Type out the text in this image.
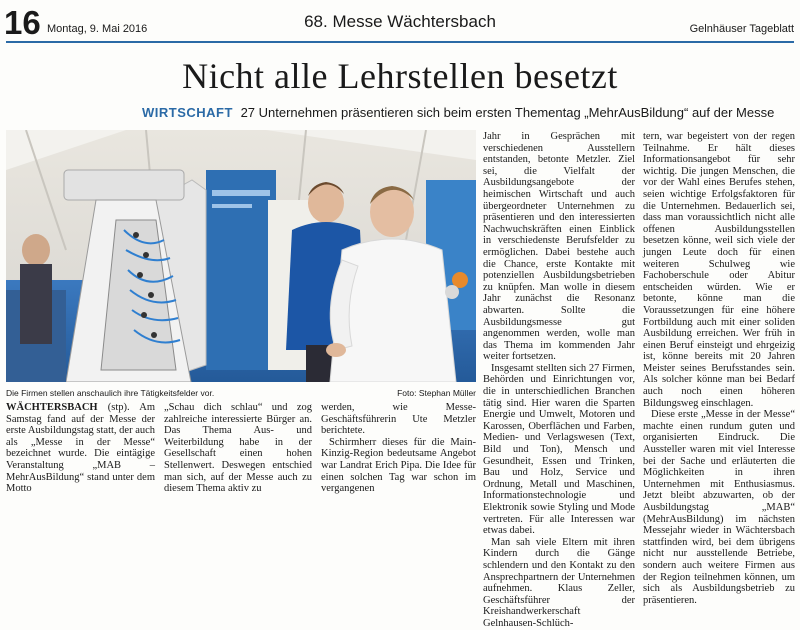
16 Montag, 9. Mai 2016	68. Messe Wächtersbach	Gelnhäuser Tageblatt
Nicht alle Lehrstellen besetzt
WIRTSCHAFT 27 Unternehmen präsentieren sich beim ersten Thementag „MehrAusBildung“ auf der Messe
Die Firmen stellen anschaulich ihre Tätigkeitsfelder vor.	Foto: Stephan Müller

WÄCHTERSBACH (stp). Am Samstag fand auf der Messe der erste Ausbildungstag statt, der auch als „Messe in der Messe“ bezeichnet wurde. Die eintägige Veranstaltung „MAB – MehrAusBildung“ stand unter dem Motto

„Schau dich schlau“ und zog zahlreiche interessierte Bürger an. Das Thema Aus- und Weiterbildung habe in der Gesellschaft einen hohen Stellenwert. Deswegen entschied man sich, auf der Messe auch zu diesem Thema aktiv zu

werden, wie Messe-Geschäftsführerin Ute Metzler berichtete.

Schirmherr dieses für die Main-Kinzig-Region bedeutsame Angebot war Landrat Erich Pipa. Die Idee für einen solchen Tag war schon im vergangenen

Jahr in Gesprächen mit verschiedenen Ausstellern entstanden, betonte Metzler. Ziel sei, die Vielfalt der Ausbildungsangebote der heimischen Wirtschaft und auch übergeordneter Unternehmen zu präsentieren und den interessierten Nachwuchskräften einen Einblick in verschiedenste Berufsfelder zu ermöglichen. Dabei bestehe auch die Chance, erste Kontakte mit potenziellen Ausbildungsbetrieben zu knüpfen. Man wolle in diesem Jahr zunächst die Resonanz abwarten. Sollte die Ausbildungsmesse gut angenommen werden, wolle man das Thema im kommenden Jahr weiter fortsetzen.

Insgesamt stellten sich 27 Firmen, Behörden und Einrichtungen vor, die in unterschiedlichen Branchen tätig sind. Hier waren die Sparten Energie und Umwelt, Motoren und Karossen, Oberflächen und Farben, Medien- und Verlagswesen (Text, Bild und Ton), Mensch und Gesundheit, Essen und Trinken, Bau und Holz, Service und Ordnung, Metall und Maschinen, Informationstechnologie und Elektronik sowie Styling und Mode vertreten. Für alle Interessen war etwas dabei.

Man sah viele Eltern mit ihren Kindern durch die Gänge schlendern und den Kontakt zu den Ansprechpartnern der Unternehmen aufnehmen. Klaus Zeller, Geschäftsführer der Kreishandwerkerschaft Gelnhausen-Schlüch-

tern, war begeistert von der regen Teilnahme. Er hält dieses Informationsangebot für sehr wichtig. Die jungen Menschen, die vor der Wahl eines Berufes stehen, seien wichtige Erfolgsfaktoren für die Unternehmen. Bedauerlich sei, dass man voraussichtlich nicht alle offenen Ausbildungsstellen besetzen könne, weil sich viele der jungen Leute doch für einen weiteren Schulweg wie Fachoberschule oder Abitur entscheiden würden. Wie er betonte, könne man die Voraussetzungen für eine höhere Fortbildung auch mit einer soliden Ausbildung erreichen. Wer früh in einen Beruf einsteigt und ehrgeizig ist, könne bereits mit 20 Jahren Meister seines Berufsstandes sein. Als solcher könne man bei Bedarf auch noch einen höheren Bildungsweg einschlagen.

Diese erste „Messe in der Messe“ machte einen rundum guten und organisierten Eindruck. Die Aussteller waren mit viel Interesse bei der Sache und erläuterten die Möglichkeiten in ihren Unternehmen mit Enthusiasmus. Jetzt bleibt abzuwarten, ob der Ausbildungstag „MAB“ (MehrAusBildung) im nächsten Messejahr wieder in Wächtersbach stattfinden wird, bei dem übrigens nicht nur ausstellende Betriebe, sondern auch weitere Firmen aus der Region teilnehmen können, um sich als Ausbildungsbetrieb zu präsentieren.
